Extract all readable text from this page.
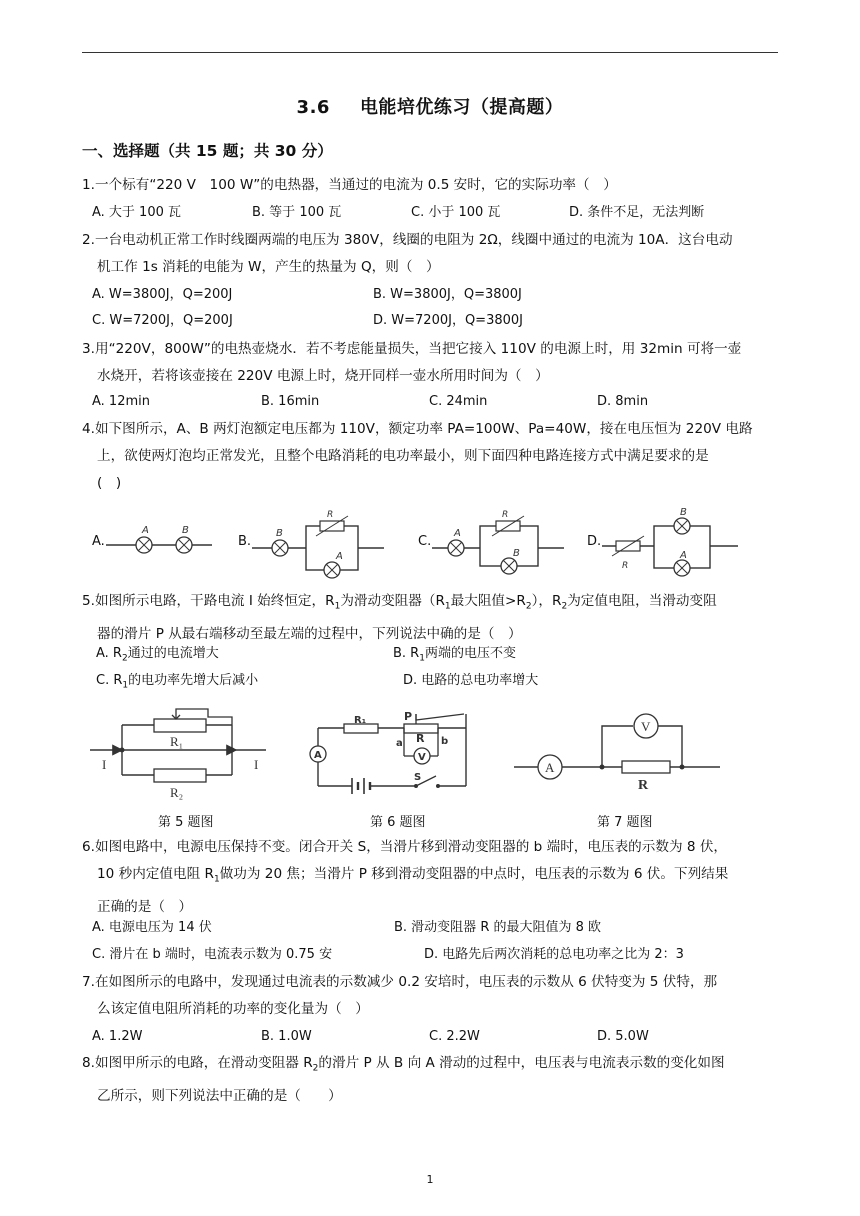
3.6 电能培优练习（提高题）
一、选择题（共 15 题；共 30 分）
1.一个标有“220 V　100 W”的电热器，当通过的电流为 0.5 安时，它的实际功率（　）
A. 大于 100 瓦	B. 等于 100 瓦	C. 小于 100 瓦	D. 条件不足，无法判断
2.一台电动机正常工作时线圈两端的电压为 380V，线圈的电阻为 2Ω，线圈中通过的电流为 10A．这台电动
机工作 1s 消耗的电能为 W，产生的热量为 Q，则（　）
A. W=3800J，Q=200J	B. W=3800J，Q=3800J
C. W=7200J，Q=200J	D. W=7200J，Q=3800J
3.用“220V，800W”的电热壶烧水．若不考虑能量损失，当把它接入 110V 的电源上时，用 32min 可将一壶
水烧开，若将该壶接在 220V 电源上时，烧开同样一壶水所用时间为（　）
A. 12min	B. 16min	C. 24min	D. 8min
4.如下图所示，A、B 两灯泡额定电压都为 110V，额定功率 PA=100W、Pa=40W，接在电压恒为 220V 电路
上，欲使两灯泡均正常发光，且整个电路消耗的电功率最小，则下面四种电路连接方式中满足要求的是
(　)
A.
A	B
B.
B
R
A
C.
A
R
B
D.
R
B
A
5.如图所示电路，干路电流 I 始终恒定，$R_1$为滑动变阻器（$R_1$最大阻值$>R_2$），$R_2$为定值电阻，当滑动变阻
器的滑片 P 从最右端移动至最左端的过程中，下列说法中确的是（　）
A. $R_2$通过的电流增大	B. $R_1$两端的电压不变
C. $R_1$的电功率先增大后减小	D. 电路的总电功率增大
R₁
R₂
I	I	V
A
R₁	P
a R b
S
A
V
R
第 5 题图	第 6 题图	第 7 题图
6.如图电路中，电源电压保持不变。闭合开关 S，当滑片移到滑动变阻器的 b 端时，电压表的示数为 8 伏，
10 秒内定值电阻 $R_1$做功为 20 焦；当滑片 P 移到滑动变阻器的中点时，电压表的示数为 6 伏。下列结果
正确的是（　）
A. 电源电压为 14 伏	B. 滑动变阻器 R 的最大阻值为 8 欧
C. 滑片在 b 端时，电流表示数为 0.75 安	D. 电路先后两次消耗的总电功率之比为 2：3
7.在如图所示的电路中，发现通过电流表的示数减少 0.2 安培时，电压表的示数从 6 伏特变为 5 伏特，那
么该定值电阻所消耗的功率的变化量为（　）
A. 1.2W	B. 1.0W	C. 2.2W	D. 5.0W
8.如图甲所示的电路，在滑动变阻器 $R_2$的滑片 P 从 B 向 A 滑动的过程中，电压表与电流表示数的变化如图
乙所示，则下列说法中正确的是（　　）
1
